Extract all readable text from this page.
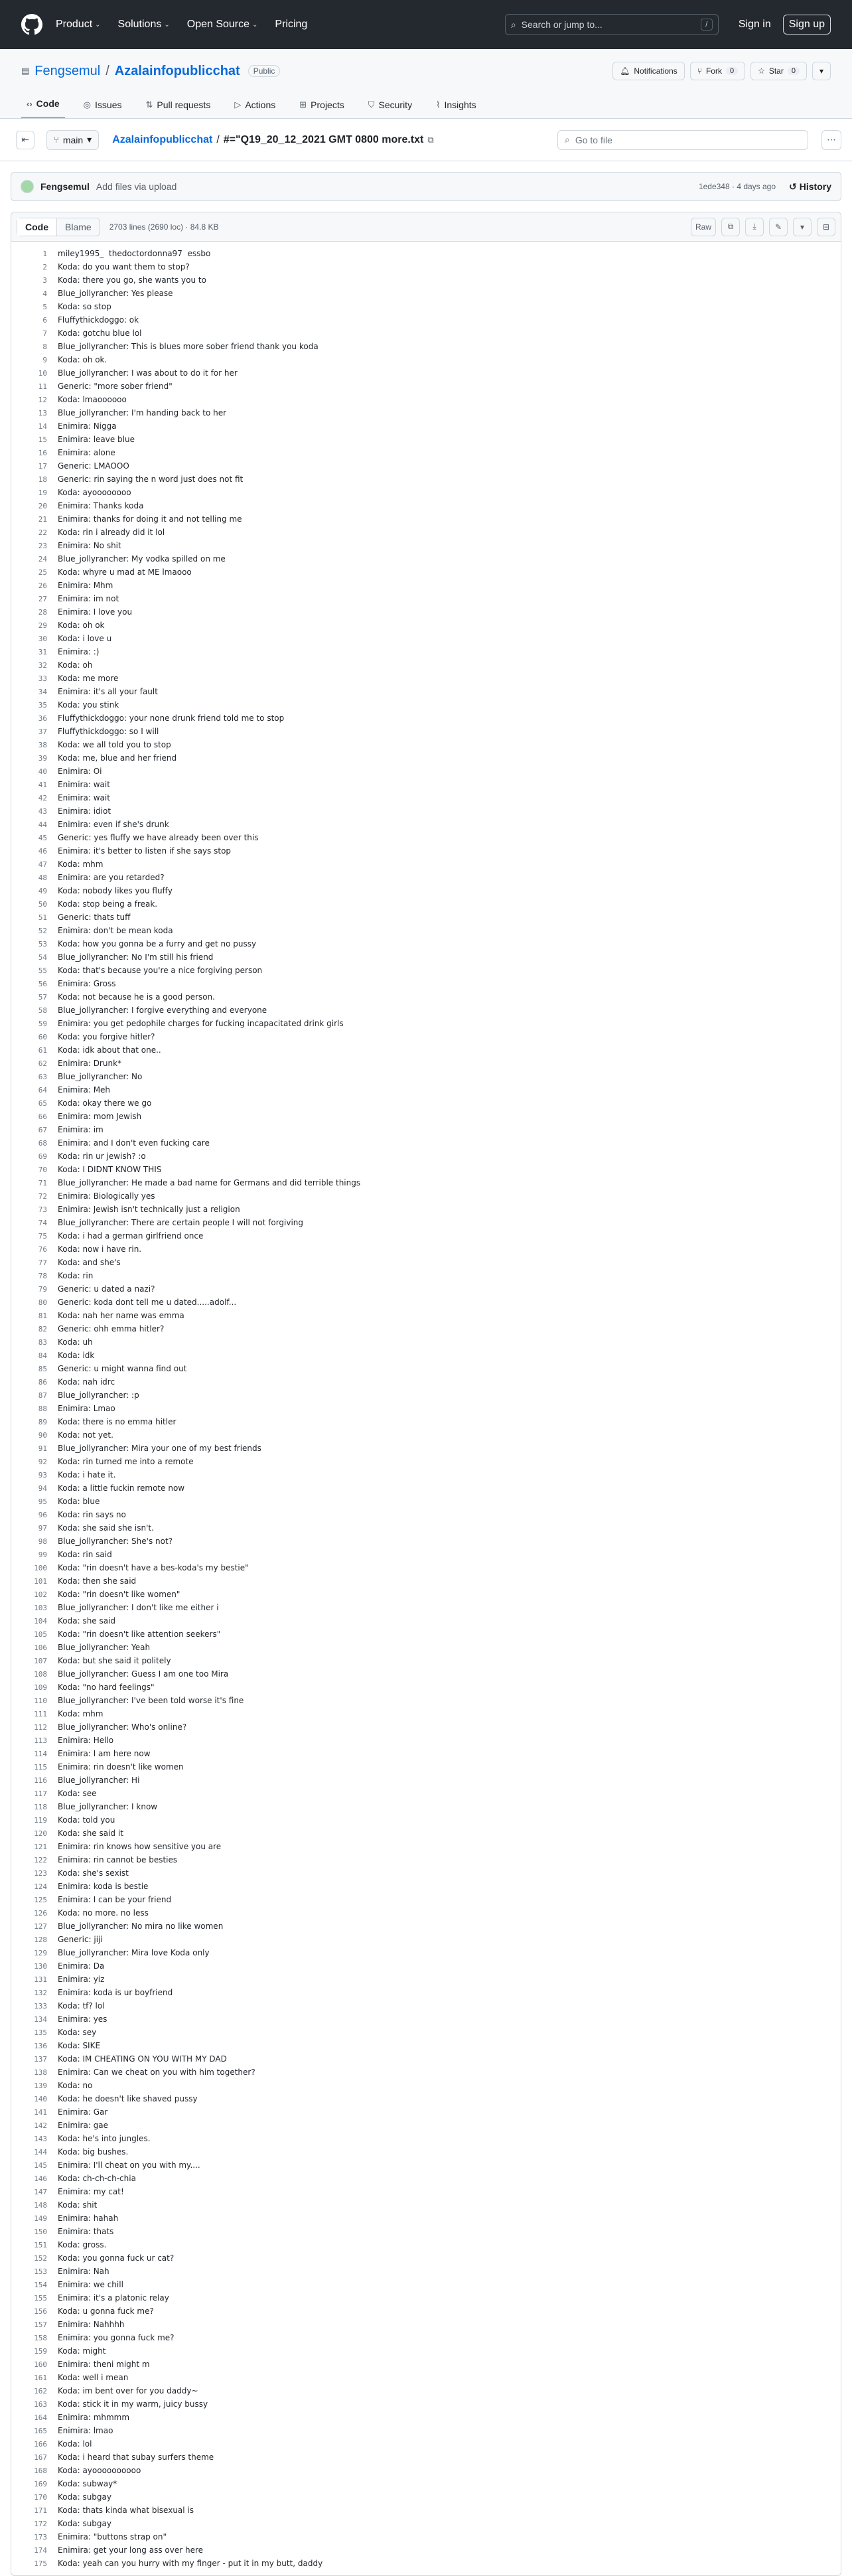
Product ⌄ Solutions ⌄ Open Source ⌄ Pricing	⌕ Search or jump to...	/	Sign in	Sign up
▤ Fengsemul / Azalainfopublicchat	Public	🔔︎ Notifications	⑂ Fork	0	☆ Star	0	▾
‹› Code	◎ Issues	⇅ Pull requests	▷ Actions	⊞ Projects	⛉ Security	⌇ Insights
⇤	⑂ main ▾ Azalainfopublicchat / #="Q19_20_12_2021 GMT 0800 more.txt ⧉	⌕ Go to file	⋯
Fengsemul Add files via upload	1ede348 · 4 days ago ↺ History
Code	Blame	2703 lines (2690 loc) · 84.8 KB	Raw	⧉ ⤓ ✎ ▾ ⊟
1	miley1995_  thedoctordonna97  essbo
2	Koda: do you want them to stop?
3	Koda: there you go, she wants you to
4	Blue_jollyrancher: Yes please
5	Koda: so stop
6	Fluffythickdoggo: ok
7	Koda: gotchu blue lol
8	Blue_jollyrancher: This is blues more sober friend thank you koda
9	Koda: oh ok.
10	Blue_jollyrancher: I was about to do it for her
11	Generic: "more sober friend"
12	Koda: lmaoooooo
13	Blue_jollyrancher: I'm handing back to her
14	Enimira: Nigga
15	Enimira: leave blue
16	Enimira: alone
17	Generic: LMAOOO
18	Generic: rin saying the n word just does not fit
19	Koda: ayoooooooo
20	Enimira: Thanks koda
21	Enimira: thanks for doing it and not telling me
22	Koda: rin i already did it lol
23	Enimira: No shit
24	Blue_jollyrancher: My vodka spilled on me
25	Koda: whyre u mad at ME lmaooo
26	Enimira: Mhm
27	Enimira: im not
28	Enimira: I love you
29	Koda: oh ok
30	Koda: i love u
31	Enimira: :)
32	Koda: oh
33	Koda: me more
34	Enimira: it's all your fault
35	Koda: you stink
36	Fluffythickdoggo: your none drunk friend told me to stop
37	Fluffythickdoggo: so I will
38	Koda: we all told you to stop
39	Koda: me, blue and her friend
40	Enimira: Oi
41	Enimira: wait
42	Enimira: wait
43	Enimira: idiot
44	Enimira: even if she's drunk
45	Generic: yes fluffy we have already been over this
46	Enimira: it's better to listen if she says stop
47	Koda: mhm
48	Enimira: are you retarded?
49	Koda: nobody likes you fluffy
50	Koda: stop being a freak.
51	Generic: thats tuff
52	Enimira: don't be mean koda
53	Koda: how you gonna be a furry and get no pussy
54	Blue_jollyrancher: No I'm still his friend
55	Koda: that's because you're a nice forgiving person
56	Enimira: Gross
57	Koda: not because he is a good person.
58	Blue_jollyrancher: I forgive everything and everyone
59	Enimira: you get pedophile charges for fucking incapacitated drink girls
60	Koda: you forgive hitler?
61	Koda: idk about that one..
62	Enimira: Drunk*
63	Blue_jollyrancher: No
64	Enimira: Meh
65	Koda: okay there we go
66	Enimira: mom Jewish
67	Enimira: im
68	Enimira: and I don't even fucking care
69	Koda: rin ur jewish? :o
70	Koda: I DIDNT KNOW THIS
71	Blue_jollyrancher: He made a bad name for Germans and did terrible things
72	Enimira: Biologically yes
73	Enimira: Jewish isn't technically just a religion
74	Blue_jollyrancher: There are certain people I will not forgiving
75	Koda: i had a german girlfriend once
76	Koda: now i have rin.
77	Koda: and she's
78	Koda: rin
79	Generic: u dated a nazi?
80	Generic: koda dont tell me u dated.....adolf...
81	Koda: nah her name was emma
82	Generic: ohh emma hitler?
83	Koda: uh
84	Koda: idk
85	Generic: u might wanna find out
86	Koda: nah idrc
87	Blue_jollyrancher: :p
88	Enimira: Lmao
89	Koda: there is no emma hitler
90	Koda: not yet.
91	Blue_jollyrancher: Mira your one of my best friends
92	Koda: rin turned me into a remote
93	Koda: i hate it.
94	Koda: a little fuckin remote now
95	Koda: blue
96	Koda: rin says no
97	Koda: she said she isn't.
98	Blue_jollyrancher: She's not?
99	Koda: rin said
100	Koda: "rin doesn't have a bes-koda's my bestie"
101	Koda: then she said
102	Koda: "rin doesn't like women"
103	Blue_jollyrancher: I don't like me either i
104	Koda: she said
105	Koda: "rin doesn't like attention seekers"
106	Blue_jollyrancher: Yeah
107	Koda: but she said it politely
108	Blue_jollyrancher: Guess I am one too Mira
109	Koda: "no hard feelings"
110	Blue_jollyrancher: I've been told worse it's fine
111	Koda: mhm
112	Blue_jollyrancher: Who's online?
113	Enimira: Hello
114	Enimira: I am here now
115	Enimira: rin doesn't like women
116	Blue_jollyrancher: Hi
117	Koda: see
118	Blue_jollyrancher: I know
119	Koda: told you
120	Koda: she said it
121	Enimira: rin knows how sensitive you are
122	Enimira: rin cannot be besties
123	Koda: she's sexist
124	Enimira: koda is bestie
125	Enimira: I can be your friend
126	Koda: no more. no less
127	Blue_jollyrancher: No mira no like women
128	Generic: jiji
129	Blue_jollyrancher: Mira love Koda only
130	Enimira: Da
131	Enimira: yiz
132	Enimira: koda is ur boyfriend
133	Koda: tf? lol
134	Enimira: yes
135	Koda: sey
136	Koda: SIKE
137	Koda: IM CHEATING ON YOU WITH MY DAD
138	Enimira: Can we cheat on you with him together?
139	Koda: no
140	Koda: he doesn't like shaved pussy
141	Enimira: Gar
142	Enimira: gae
143	Koda: he's into jungles.
144	Koda: big bushes.
145	Enimira: I'll cheat on you with my....
146	Koda: ch-ch-ch-chia
147	Enimira: my cat!
148	Koda: shit
149	Enimira: hahah
150	Enimira: thats
151	Koda: gross.
152	Koda: you gonna fuck ur cat?
153	Enimira: Nah
154	Enimira: we chill
155	Enimira: it's a platonic relay
156	Koda: u gonna fuck me?
157	Enimira: Nahhhh
158	Enimira: you gonna fuck me?
159	Koda: might
160	Enimira: theni might m
161	Koda: well i mean
162	Koda: im bent over for you daddy~
163	Koda: stick it in my warm, juicy bussy
164	Enimira: mhmmm
165	Enimira: lmao
166	Koda: lol
167	Koda: i heard that subay surfers theme
168	Koda: ayoooooooooo
169	Koda: subway*
170	Koda: subgay
171	Koda: thats kinda what bisexual is
172	Koda: subgay
173	Enimira: "buttons strap on"
174	Enimira: get your long ass over here
175	Koda: yeah can you hurry with my finger - put it in my butt, daddy
